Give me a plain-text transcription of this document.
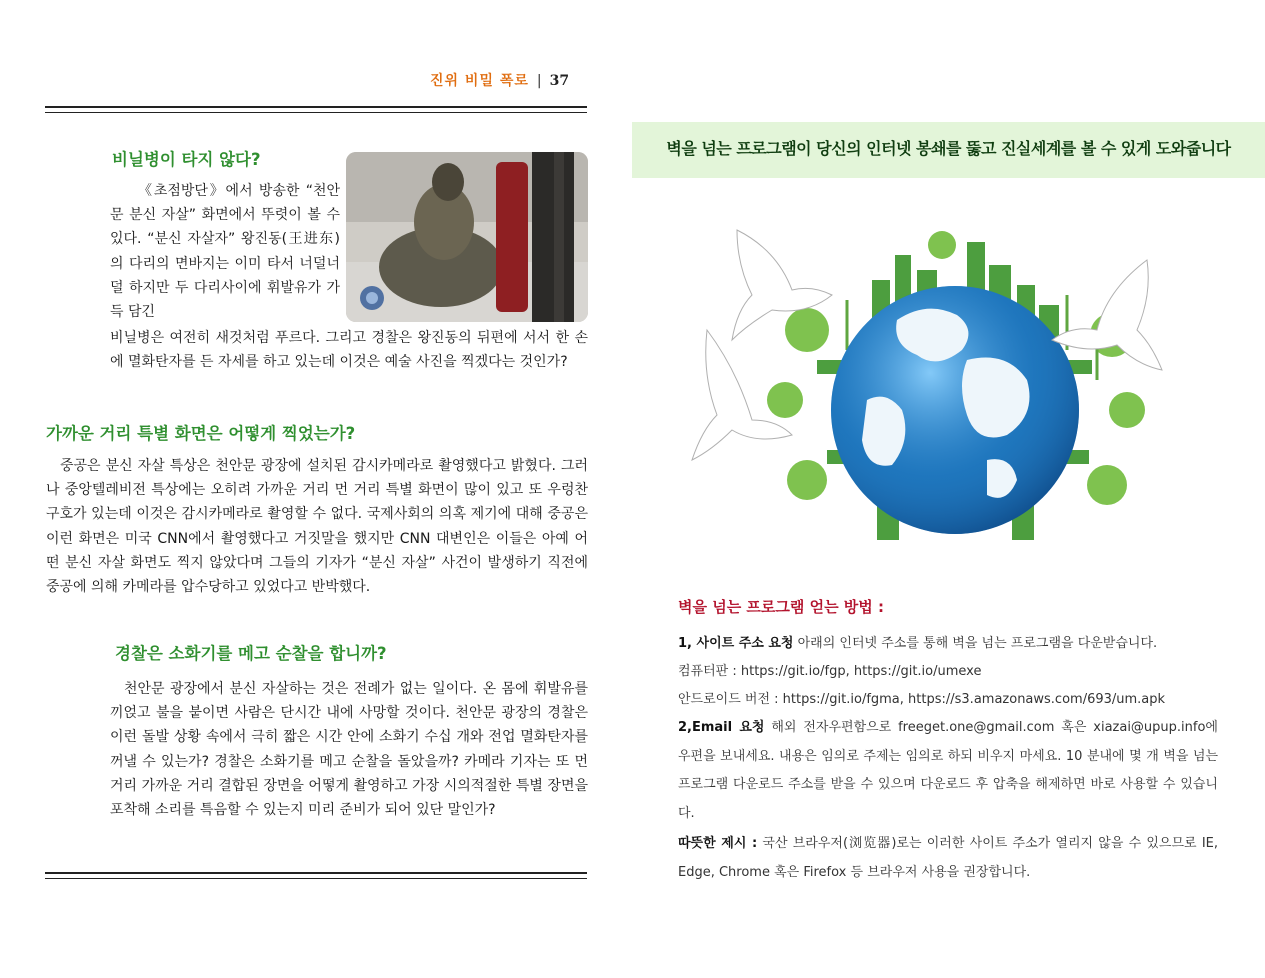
진위 비밀 폭로 | 37
비닐병이 타지 않다?
《초점방단》에서 방송한 “천안문 분신 자살” 화면에서 뚜렷이 볼 수 있다. “분신 자살자” 왕진동(王进东)의 다리의 면바지는 이미 타서 너덜너덜 하지만 두 다리사이에 휘발유가 가득 담긴
비닐병은 여전히 새것처럼 푸르다. 그리고 경찰은 왕진동의 뒤편에 서서 한 손에 멸화탄자를 든 자세를 하고 있는데 이것은 예술 사진을 찍겠다는 것인가?
가까운 거리 특별 화면은 어떻게 찍었는가?
중공은 분신 자살 특상은 천안문 광장에 설치된 감시카메라로 촬영했다고 밝혔다. 그러나 중앙텔레비전 특상에는 오히려 가까운 거리 먼 거리 특별 화면이 많이 있고 또 우렁찬 구호가 있는데 이것은 감시카메라로 촬영할 수 없다. 국제사회의 의혹 제기에 대해 중공은 이런 화면은 미국 CNN에서 촬영했다고 거짓말을 했지만 CNN 대변인은 이들은 아예 어떤 분신 자살 화면도 찍지 않았다며 그들의 기자가 “분신 자살” 사건이 발생하기 직전에 중공에 의해 카메라를 압수당하고 있었다고 반박했다.
경찰은 소화기를 메고 순찰을 합니까?
천안문 광장에서 분신 자살하는 것은 전례가 없는 일이다. 온 몸에 휘발유를 끼얹고 불을 붙이면 사람은 단시간 내에 사망할 것이다. 천안문 광장의 경찰은 이런 돌발 상황 속에서 극히 짧은 시간 안에 소화기 수십 개와 전업 멸화탄자를 꺼낼 수 있는가? 경찰은 소화기를 메고 순찰을 돌았을까? 카메라 기자는 또 먼거리 가까운 거리 결합된 장면을 어떻게 촬영하고 가장 시의적절한 특별 장면을 포착해 소리를 특음할 수 있는지 미리 준비가 되어 있단 말인가?
벽을 넘는 프로그램이 당신의 인터넷 봉쇄를 뚫고 진실세계를 볼 수 있게 도와줍니다
벽을 넘는 프로그램 얻는 방법 :
1, 사이트 주소 요청 아래의 인터넷 주소를 통해 벽을 넘는 프로그램을 다운받습니다.
컴퓨터판 : https://git.io/fgp, https://git.io/umexe
안드로이드 버전 : https://git.io/fgma, https://s3.amazonaws.com/693/um.apk
2,Email 요청 해외 전자우편함으로 freeget.one@gmail.com 혹은 xiazai@upup.info에 우편을 보내세요. 내용은 임의로 주제는 임의로 하되 비우지 마세요. 10 분내에 몇 개 벽을 넘는 프로그램 다운로드 주소를 받을 수 있으며 다운로드 후 압축을 해제하면 바로 사용할 수 있습니다.
따뜻한 제시 : 국산 브라우저(浏览器)로는 이러한 사이트 주소가 열리지 않을 수 있으므로 IE, Edge, Chrome 혹은 Firefox 등 브라우저 사용을 권장합니다.
